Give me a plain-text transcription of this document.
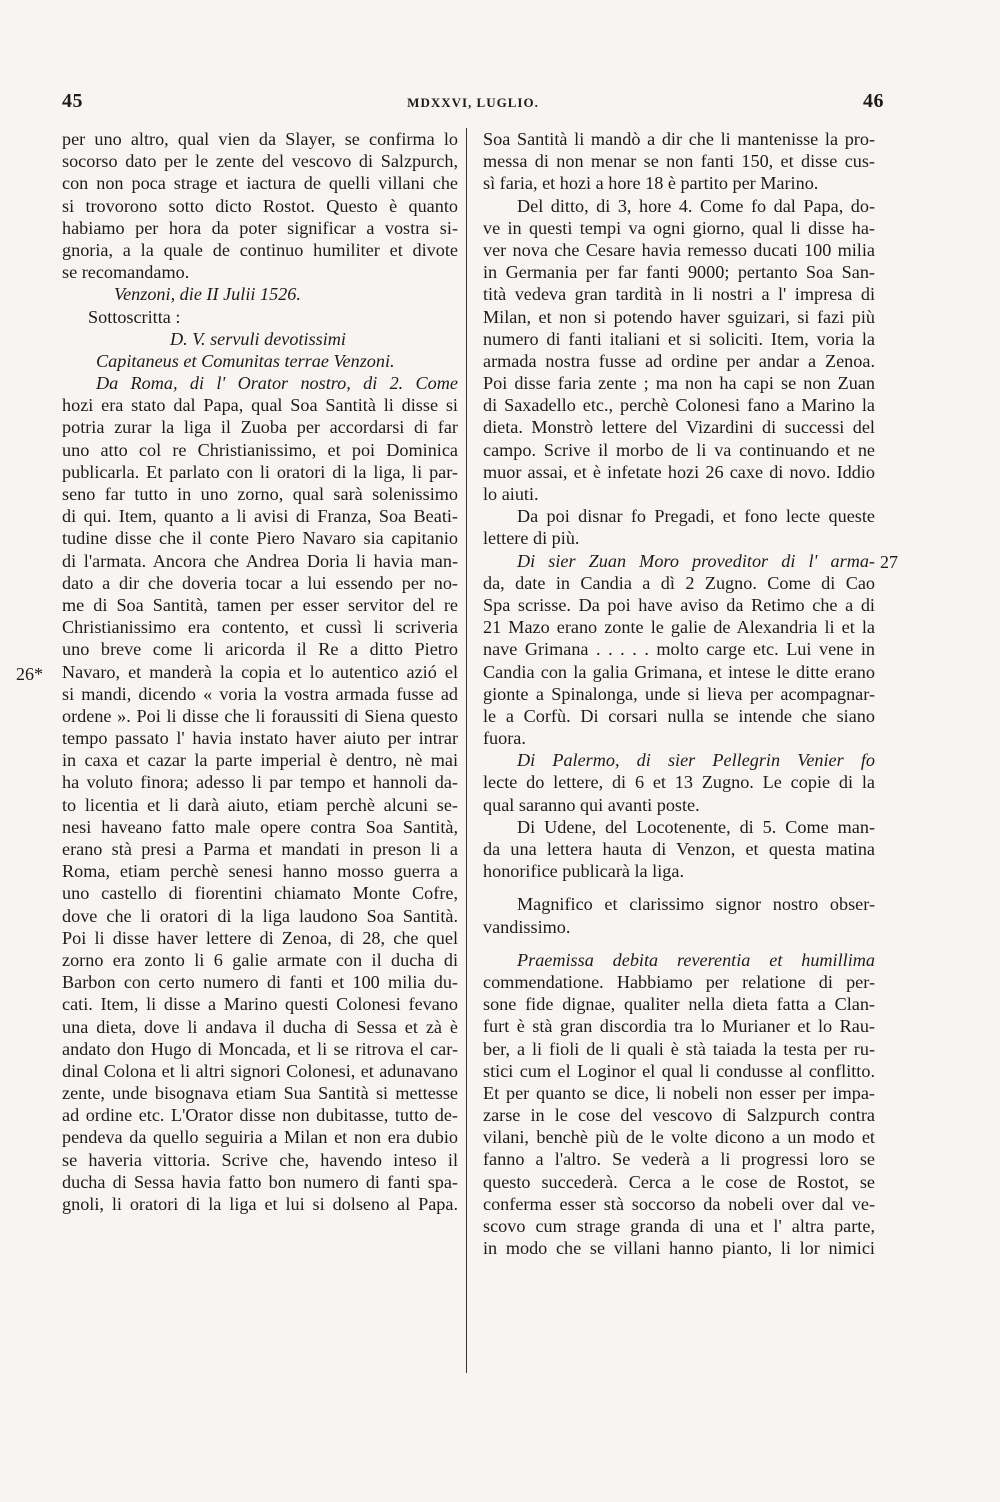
45	MDXXVI, LUGLIO.	46
26*
27
per uno altro, qual vien da Slayer, se confirma lo
socorso dato per le zente del vescovo di Salzpurch,
con non poca strage et iactura de quelli villani che
si trovorono sotto dicto Rostot. Questo è quanto
habiamo per hora da poter significar a vostra si-
gnoria, a la quale de continuo humiliter et divote
se recomandamo.
Venzoni, die II Julii 1526.
Sottoscritta :
D. V. servuli devotissimi
Capitaneus et Comunitas terrae Venzoni.
Da Roma, di l' Orator nostro, di 2. Come
hozi era stato dal Papa, qual Soa Santità li disse si
potria zurar la liga il Zuoba per accordarsi di far
uno atto col re Christianissimo, et poi Dominica
publicarla. Et parlato con li oratori di la liga, li par-
seno far tutto in uno zorno, qual sarà solenissimo
di qui. Item, quanto a li avisi di Franza, Soa Beati-
tudine disse che il conte Piero Navaro sia capitanio
di l'armata. Ancora che Andrea Doria li havia man-
dato a dir che doveria tocar a lui essendo per no-
me di Soa Santità, tamen per esser servitor del re
Christianissimo era contento, et cussì li scriveria
uno breve come li aricorda il Re a ditto Pietro
Navaro, et manderà la copia et lo autentico azió el
si mandi, dicendo « voria la vostra armada fusse ad
ordene ». Poi li disse che li foraussiti di Siena questo
tempo passato l' havia instato haver aiuto per intrar
in caxa et cazar la parte imperial è dentro, nè mai
ha voluto finora; adesso li par tempo et hannoli da-
to licentia et li darà aiuto, etiam perchè alcuni se-
nesi haveano fatto male opere contra Soa Santità,
erano stà presi a Parma et mandati in preson li a
Roma, etiam perchè senesi hanno mosso guerra a
uno castello di fiorentini chiamato Monte Cofre,
dove che li oratori di la liga laudono Soa Santità.
Poi li disse haver lettere di Zenoa, di 28, che quel
zorno era zonto li 6 galie armate con il ducha di
Barbon con certo numero di fanti et 100 milia du-
cati. Item, li disse a Marino questi Colonesi fevano
una dieta, dove li andava il ducha di Sessa et zà è
andato don Hugo di Moncada, et li se ritrova el car-
dinal Colona et li altri signori Colonesi, et adunavano
zente, unde bisognava etiam Sua Santità si mettesse
ad ordine etc. L'Orator disse non dubitasse, tutto de-
pendeva da quello seguiria a Milan et non era dubio
se haveria vittoria. Scrive che, havendo inteso il
ducha di Sessa havia fatto bon numero di fanti spa-
gnoli, li oratori di la liga et lui si dolseno al Papa.
Soa Santità li mandò a dir che li mantenisse la pro-
messa di non menar se non fanti 150, et disse cus-
sì faria, et hozi a hore 18 è partito per Marino.
Del ditto, di 3, hore 4. Come fo dal Papa, do-
ve in questi tempi va ogni giorno, qual li disse ha-
ver nova che Cesare havia remesso ducati 100 milia
in Germania per far fanti 9000; pertanto Soa San-
tità vedeva gran tardità in li nostri a l' impresa di
Milan, et non si potendo haver sguizari, si fazi più
numero di fanti italiani et si soliciti. Item, voria la
armada nostra fusse ad ordine per andar a Zenoa.
Poi disse faria zente ; ma non ha capi se non Zuan
di Saxadello etc., perchè Colonesi fano a Marino la
dieta. Monstrò lettere del Vizardini di successi del
campo. Scrive il morbo de li va continuando et ne
muor assai, et è infetate hozi 26 caxe di novo. Iddio
lo aiuti.
Da poi disnar fo Pregadi, et fono lecte queste
lettere di più.
Di sier Zuan Moro proveditor di l' arma-
da, date in Candia a dì 2 Zugno. Come di Cao
Spa scrisse. Da poi have aviso da Retimo che a di
21 Mazo erano zonte le galie de Alexandria li et la
nave Grimana . . . . . molto carge etc. Lui vene in
Candia con la galia Grimana, et intese le ditte erano
gionte a Spinalonga, unde si lieva per acompagnar-
le a Corfù. Di corsari nulla se intende che siano
fuora.
Di Palermo, di sier Pellegrin Venier fo
lecte do lettere, di 6 et 13 Zugno. Le copie di la
qual saranno qui avanti poste.
Di Udene, del Locotenente, di 5. Come man-
da una lettera hauta di Venzon, et questa matina
honorifice publicarà la liga.
Magnifico et clarissimo signor nostro obser-
vandissimo.
Praemissa debita reverentia et humillima
commendatione. Habbiamo per relatione di per-
sone fide dignae, qualiter nella dieta fatta a Clan-
furt è stà gran discordia tra lo Murianer et lo Rau-
ber, a li fioli de li quali è stà taiada la testa per ru-
stici cum el Loginor el qual li condusse al conflitto.
Et per quanto se dice, li nobeli non esser per impa-
zarse in le cose del vescovo di Salzpurch contra
vilani, benchè più de le volte dicono a un modo et
fanno a l'altro. Se vederà a li progressi loro se
questo succederà. Cerca a le cose de Rostot, se
conferma esser stà soccorso da nobeli over dal ve-
scovo cum strage granda di una et l' altra parte,
in modo che se villani hanno pianto, li lor nimici
